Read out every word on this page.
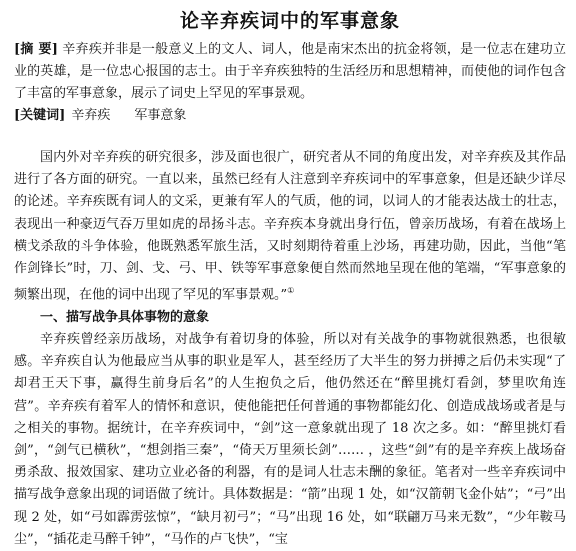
论辛弃疾词中的军事意象
[摘 要] 辛弃疾并非是一般意义上的文人、词人，他是南宋杰出的抗金将领，是一位志在建功立业的英雄，是一位忠心报国的志士。由于辛弃疾独特的生活经历和思想精神，而使他的词作包含了丰富的军事意象，展示了词史上罕见的军事景观。
[关键词] 辛弃疾 军事意象

国内外对辛弃疾的研究很多，涉及面也很广，研究者从不同的角度出发，对辛弃疾及其作品进行了各方面的研究。一直以来，虽然已经有人注意到辛弃疾词中的军事意象，但是还缺少详尽的论述。辛弃疾既有词人的文采，更兼有军人的气质，他的词，以词人的才能表达战士的壮志，表现出一种豪迈气吞万里如虎的昂扬斗志。辛弃疾本身就出身行伍，曾亲历战场，有着在战场上横戈杀敌的斗争体验，他既熟悉军旅生活，又时刻期待着重上沙场，再建功勋，因此，当他“笔作剑锋长”时，刀、剑、戈、弓、甲、铁等军事意象便自然而然地呈现在他的笔端，“军事意象的频繁出现，在他的词中出现了罕见的军事景观。”①

一、描写战争具体事物的意象

辛弃疾曾经亲历战场，对战争有着切身的体验，所以对有关战争的事物就很熟悉，也很敏感。辛弃疾自认为他最应当从事的职业是军人，甚至经历了大半生的努力拼搏之后仍未实现“了却君王天下事，赢得生前身后名”的人生抱负之后，他仍然还在“醉里挑灯看剑，梦里吹角连营”。辛弃疾有着军人的情怀和意识，使他能把任何普通的事物都能幻化、创造成战场或者是与之相关的事物。据统计，在辛弃疾词中，“剑”这一意象就出现了 18 次之多。如：“醉里挑灯看剑”，“剑气已横秋”，“想剑指三秦”，“倚天万里须长剑”…… ，这些“剑”有的是辛弃疾上战场奋勇杀敌、报效国家、建功立业必备的利器，有的是词人壮志未酬的象征。笔者对一些辛弃疾词中描写战争意象出现的词语做了统计。具体数据是：“箭”出现 1 处，如“汉箭朝飞金仆姑”；“弓”出现 2 处，如“弓如霹雳弦惊”，“缺月初弓”；“马”出现 16 处，如“联翩万马来无数”，“少年鞍马尘”，“插花走马醉千钟”，“马作的卢飞快”，“宝
